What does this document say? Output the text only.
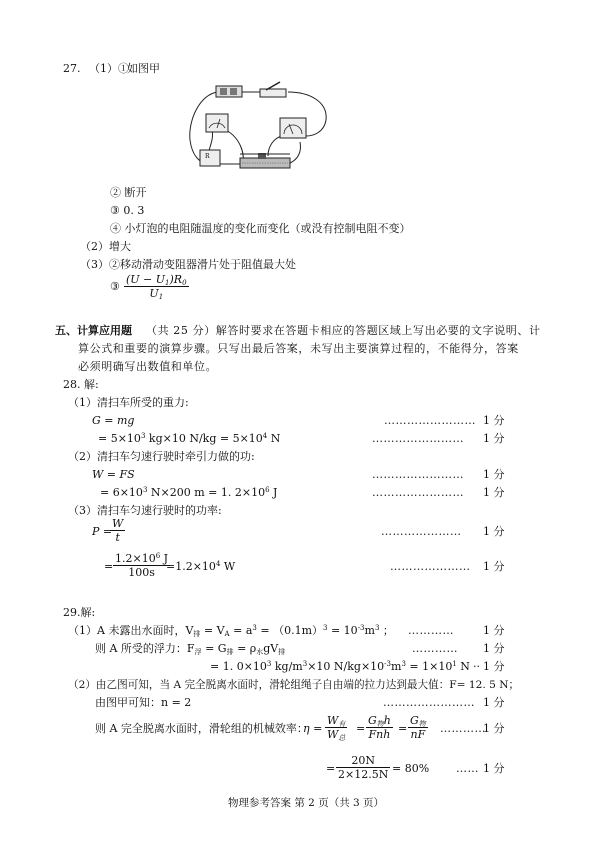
27. （1）①
如图甲
R
② 断开
③ 0. 3
④ 小灯泡的电阻随温度的变化而变化（或没有控制电阻不变）
（2）增大
（3）②移动滑动变阻器滑片处于阻值最大处
③ $\frac{(U - U_1)R_0}{U_1}$
五、计算应用题 （共 25 分）解答时要求在答题卡相应的答题区域上写出必要的文字说明、计
算公式和重要的演算步骤。只写出最后答案，未写出主要演算过程的，不能得分，答案
必须明确写出数值和单位。
28. 解:
（1）清扫车所受的重力:
G = mg	…………………… 1 分
= $5\times 10^3$ kg×10 $N/kg = 5\times 10^4$ N	…………………… 1 分
（2）清扫车匀速行驶时牵引力做的功:
W = FS	…………………… 1 分
= $6\times 10^3$ N×200 m = 1. $2\times 10^6$ J	…………………… 1 分
（3）清扫车匀速行驶时的功率:
P =
$\frac{W}{t}$	………………… 1 分
= $\frac{1.2\times 10^6 J}{100s}$
$=1.2\times 10^4$ W	………………… 1 分
29.解:
（1）A 未露出水面时，$V_排 = V_A = a^3 = (0.1m)^3 = 10^{-3}m^3$ ； …………	1 分
则 A 所受的浮力：$F_浮 = G_排 = \rho_水gV_排$	………… 1 分
= 1. $0\times 10^3$ $kg/m^3\times 10$ $N/kg\times 10^{-3}m^3 = 1\times 10^1$ N ·· 1 分
（2）由乙图可知，当 A 完全脱离水面时，滑轮组绳子自由端的拉力达到最大值：F= 12. 5 N；
由图甲可知：n = 2	…………………… 1 分
则 A 完全脱离水面时，滑轮组的机械效率：
η =
$W_有$
$W_总$
=
$G_物h$
Fnh =
$G_物$
nF …………
1 分
= $\frac{20N}{2\times 12.5N} = 80\%$ …… 1 分
物理参考答案 第 2 页（共 3 页）
